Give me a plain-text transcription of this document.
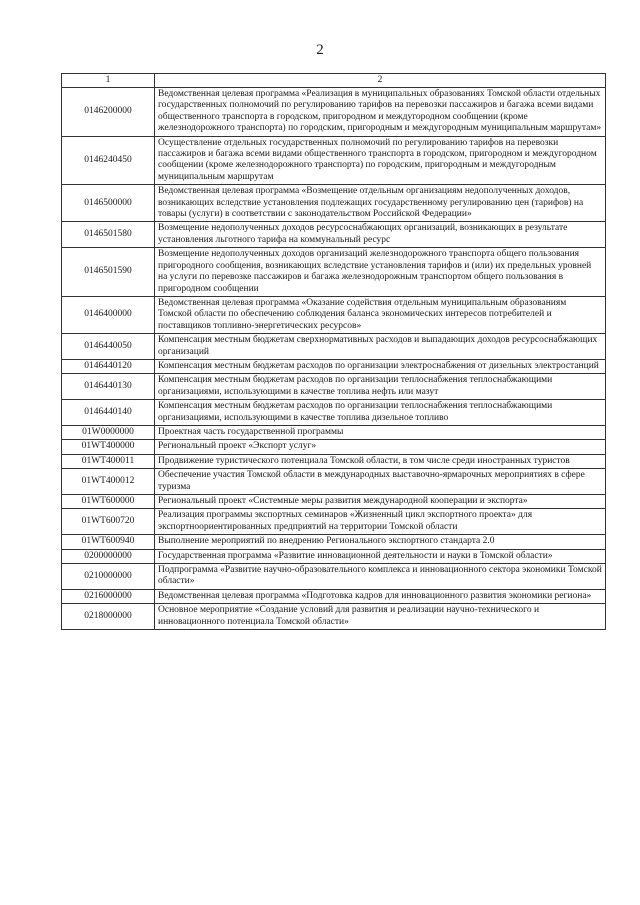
2
1	2
0146200000	Ведомственная целевая программа «Реализация в муниципальных образованиях Томской области отдельных государственных полномочий по регулированию тарифов на перевозки пассажиров и багажа всеми видами общественного транспорта в городском, пригородном и междугородном сообщении (кроме железнодорожного транспорта) по городским, пригородным и междугородным муниципальным маршрутам»
0146240450	Осуществление отдельных государственных полномочий по регулированию тарифов на перевозки пассажиров и багажа всеми видами общественного транспорта в городском, пригородном и междугородном сообщении (кроме железнодорожного транспорта) по городским, пригородным и междугородным муниципальным маршрутам
0146500000	Ведомственная целевая программа «Возмещение отдельным организациям недополученных доходов, возникающих вследствие установления подлежащих государственному регулированию цен (тарифов) на товары (услуги) в соответствии с законодательством Российской Федерации»
0146501580	Возмещение недополученных доходов ресурсоснабжающих организаций, возникающих в результате установления льготного тарифа на коммунальный ресурс
0146501590	Возмещение недополученных доходов организаций железнодорожного транспорта общего пользования пригородного сообщения, возникающих вследствие установления тарифов и (или) их предельных уровней на услуги по перевозке пассажиров и багажа железнодорожным транспортом общего пользования в пригородном сообщении
0146400000	Ведомственная целевая программа «Оказание содействия отдельным муниципальным образованиям Томской области по обеспечению соблюдения баланса экономических интересов потребителей и поставщиков топливно-энергетических ресурсов»
0146440050	Компенсация местным бюджетам сверхнормативных расходов и выпадающих доходов ресурсоснабжающих организаций
0146440120	Компенсация местным бюджетам расходов по организации электроснабжения от дизельных электростанций
0146440130	Компенсация местным бюджетам расходов по организации теплоснабжения теплоснабжающими организациями, использующими в качестве топлива нефть или мазут
0146440140	Компенсация местным бюджетам расходов по организации теплоснабжения теплоснабжающими организациями, использующими в качестве топлива дизельное топливо
01W0000000	Проектная часть государственной программы
01WT400000	Региональный проект «Экспорт услуг»
01WT400011	Продвижение туристического потенциала Томской области, в том числе среди иностранных туристов
01WT400012	Обеспечение участия Томской области в международных выставочно-ярмарочных мероприятиях в сфере туризма
01WT600000	Региональный проект «Системные меры развития международной кооперации и экспорта»
01WT600720	Реализация программы экспортных семинаров «Жизненный цикл экспортного проекта» для экспортноориентированных предприятий на территории Томской области
01WT600940	Выполнение мероприятий по внедрению Регионального экспортного стандарта 2.0
0200000000	Государственная программа «Развитие инновационной деятельности и науки в Томской области»
0210000000	Подпрограмма «Развитие научно-образовательного комплекса и инновационного сектора экономики Томской области»
0216000000	Ведомственная целевая программа «Подготовка кадров для инновационного развития экономики региона»
0218000000	Основное мероприятие «Создание условий для развития и реализации научно-технического и инновационного потенциала Томской области»
